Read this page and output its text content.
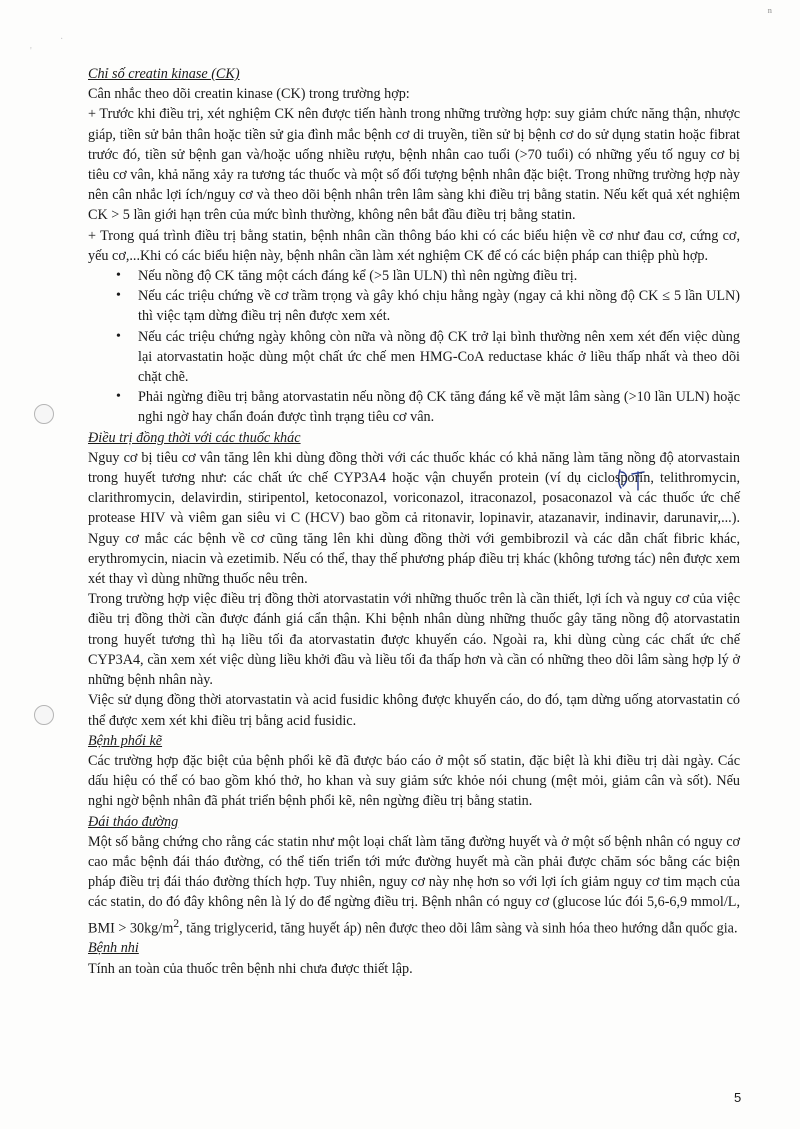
ⁿ
·
'

Chỉ số creatin kinase (CK)

Cân nhắc theo dõi creatin kinase (CK) trong trường hợp:

+ Trước khi điều trị, xét nghiệm CK nên được tiến hành trong những trường hợp: suy giảm chức năng thận, nhược giáp, tiền sử bản thân hoặc tiền sử gia đình mắc bệnh cơ di truyền, tiền sử bị bệnh cơ do sử dụng statin hoặc fibrat trước đó, tiền sử bệnh gan và/hoặc uống nhiều rượu, bệnh nhân cao tuổi (>70 tuổi) có những yếu tố nguy cơ bị tiêu cơ vân, khả năng xảy ra tương tác thuốc và một số đối tượng bệnh nhân đặc biệt. Trong những trường hợp này nên cân nhắc lợi ích/nguy cơ và theo dõi bệnh nhân trên lâm sàng khi điều trị bằng statin. Nếu kết quả xét nghiệm CK > 5 lần giới hạn trên của mức bình thường, không nên bắt đầu điều trị bằng statin.

+ Trong quá trình điều trị bằng statin, bệnh nhân cần thông báo khi có các biểu hiện về cơ như đau cơ, cứng cơ, yếu cơ,...Khi có các biểu hiện này, bệnh nhân cần làm xét nghiệm CK để có các biện pháp can thiệp phù hợp.

• Nếu nồng độ CK tăng một cách đáng kể (>5 lần ULN) thì nên ngừng điều trị.
• Nếu các triệu chứng về cơ trầm trọng và gây khó chịu hằng ngày (ngay cả khi nồng độ CK ≤ 5 lần ULN) thì việc tạm dừng điều trị nên được xem xét.
• Nếu các triệu chứng ngày không còn nữa và nồng độ CK trở lại bình thường nên xem xét đến việc dùng lại atorvastatin hoặc dùng một chất ức chế men HMG-CoA reductase khác ở liều thấp nhất và theo dõi chặt chẽ.
• Phải ngừng điều trị bằng atorvastatin nếu nồng độ CK tăng đáng kể về mặt lâm sàng (>10 lần ULN) hoặc nghi ngờ hay chẩn đoán được tình trạng tiêu cơ vân.

Điều trị đồng thời với các thuốc khác

Nguy cơ bị tiêu cơ vân tăng lên khi dùng đồng thời với các thuốc khác có khả năng làm tăng nồng độ atorvastain trong huyết tương như: các chất ức chế CYP3A4 hoặc vận chuyển protein (ví dụ ciclosporin, telithromycin, clarithromycin, delavirdin, stiripentol, ketoconazol, voriconazol, itraconazol, posaconazol và các thuốc ức chế protease HIV và viêm gan siêu vi C (HCV) bao gồm cả ritonavir, lopinavir, atazanavir, indinavir, darunavir,...). Nguy cơ mắc các bệnh về cơ cũng tăng lên khi dùng đồng thời với gembibrozil và các dẫn chất fibric khác, erythromycin, niacin và ezetimib. Nếu có thể, thay thế phương pháp điều trị khác (không tương tác) nên được xem xét thay vì dùng những thuốc nêu trên.

Trong trường hợp việc điều trị đồng thời atorvastatin với những thuốc trên là cần thiết, lợi ích và nguy cơ của việc điều trị đồng thời cần được đánh giá cẩn thận. Khi bệnh nhân dùng những thuốc gây tăng nồng độ atorvastatin trong huyết tương thì hạ liều tối đa atorvastatin được khuyến cáo. Ngoài ra, khi dùng cùng các chất ức chế CYP3A4, cần xem xét việc dùng liều khởi đầu và liều tối đa thấp hơn và cần có những theo dõi lâm sàng hợp lý ở những bệnh nhân này.

Việc sử dụng đồng thời atorvastatin và acid fusidic không được khuyến cáo, do đó, tạm dừng uống atorvastatin có thể được xem xét khi điều trị bằng acid fusidic.

Bệnh phổi kẽ

Các trường hợp đặc biệt của bệnh phổi kẽ đã được báo cáo ở một số statin, đặc biệt là khi điều trị dài ngày. Các dấu hiệu có thể có bao gồm khó thở, ho khan và suy giảm sức khỏe nói chung (mệt mỏi, giảm cân và sốt). Nếu nghi ngờ bệnh nhân đã phát triển bệnh phổi kẽ, nên ngừng điều trị bằng statin.

Đái tháo đường

Một số bằng chứng cho rằng các statin như một loại chất làm tăng đường huyết và ở một số bệnh nhân có nguy cơ cao mắc bệnh đái tháo đường, có thể tiến triển tới mức đường huyết mà cần phải được chăm sóc bằng các biện pháp điều trị đái tháo đường thích hợp. Tuy nhiên, nguy cơ này nhẹ hơn so với lợi ích giảm nguy cơ tim mạch của các statin, do đó đây không nên là lý do để ngừng điều trị. Bệnh nhân có nguy cơ (glucose lúc đói 5,6-6,9 mmol/L, BMI > $30kg/m^2$, tăng triglycerid, tăng huyết áp) nên được theo dõi lâm sàng và sinh hóa theo hướng dẫn quốc gia.

Bệnh nhi

Tính an toàn của thuốc trên bệnh nhi chưa được thiết lập.

5
